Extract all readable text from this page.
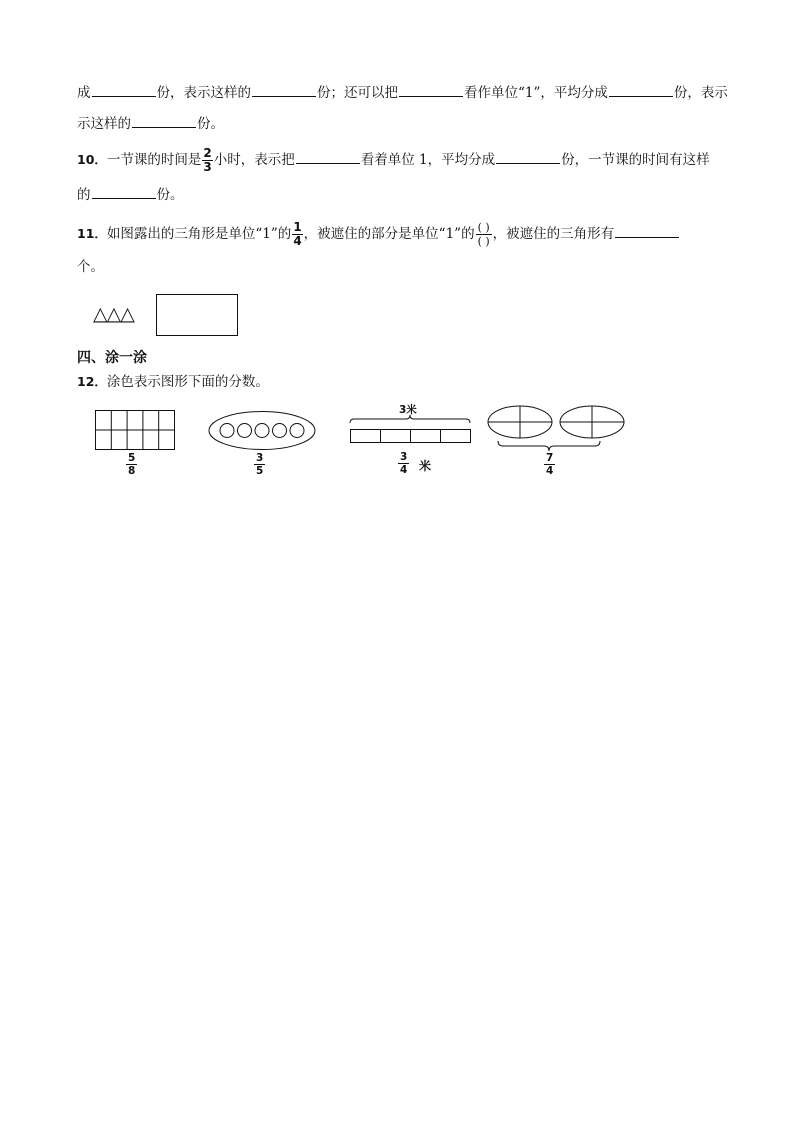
成	份，表示这样的	份；还可以把	看作单位“1”，平均分成	份，表示
示这样的	份。
10．一节课的时间是 $\frac{2}{3}$ 小时，表示把	看着单位 1，平均分成	份，一节课的时间有这样
的	份。
11．如图露出的三角形是单位“1”的 $\frac{1}{4}$ ，被遮住的部分是单位“1”的 ( )
( ) ，被遮住的三角形有
个。
△△△
四、涂一涂
12．涂色表示图形下面的分数。
$\frac{5}{8}$	$\frac{3}{5}$
3米
$\frac{3}{4}$ 米	$\frac{7}{4}$
